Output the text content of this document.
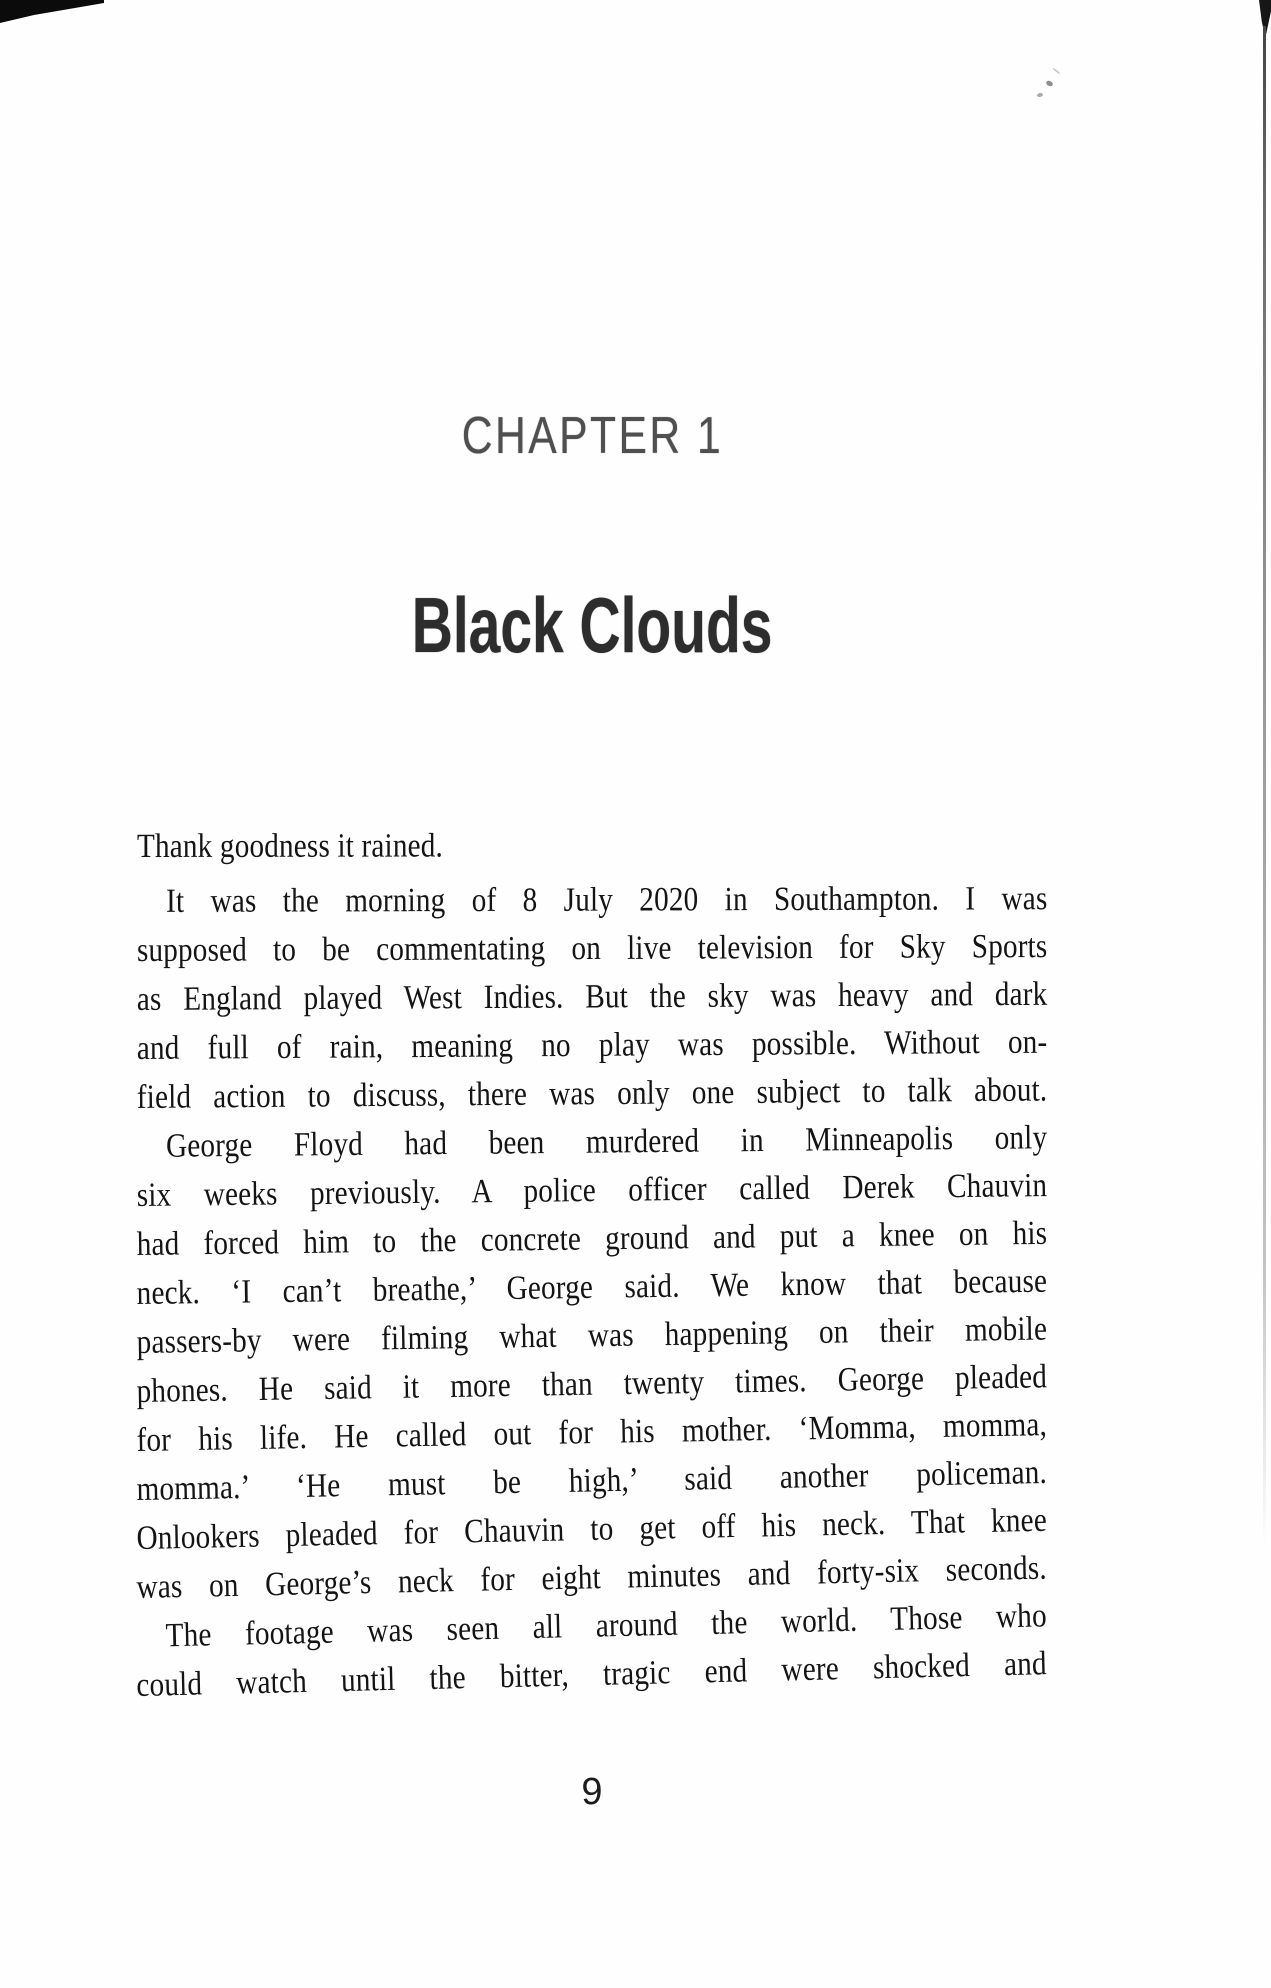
CHAPTER 1
Black Clouds
Thank goodness it rained.
It was the morning of 8 July 2020 in Southampton. I was
supposed to be commentating on live television for Sky Sports
as England played West Indies. But the sky was heavy and dark
and full of rain, meaning no play was possible. Without on-
field action to discuss, there was only one subject to talk about.
George Floyd had been murdered in Minneapolis only
six weeks previously. A police officer called Derek Chauvin
had forced him to the concrete ground and put a knee on his
neck. ‘I can’t breathe,’ George said. We know that because
passers-by were filming what was happening on their mobile
phones. He said it more than twenty times. George pleaded
for his life. He called out for his mother. ‘Momma, momma,
momma.’ ‘He must be high,’ said another policeman.
Onlookers pleaded for Chauvin to get off his neck. That knee
was on George’s neck for eight minutes and forty-six seconds.
The footage was seen all around the world. Those who
could watch until the bitter, tragic end were shocked and
9
